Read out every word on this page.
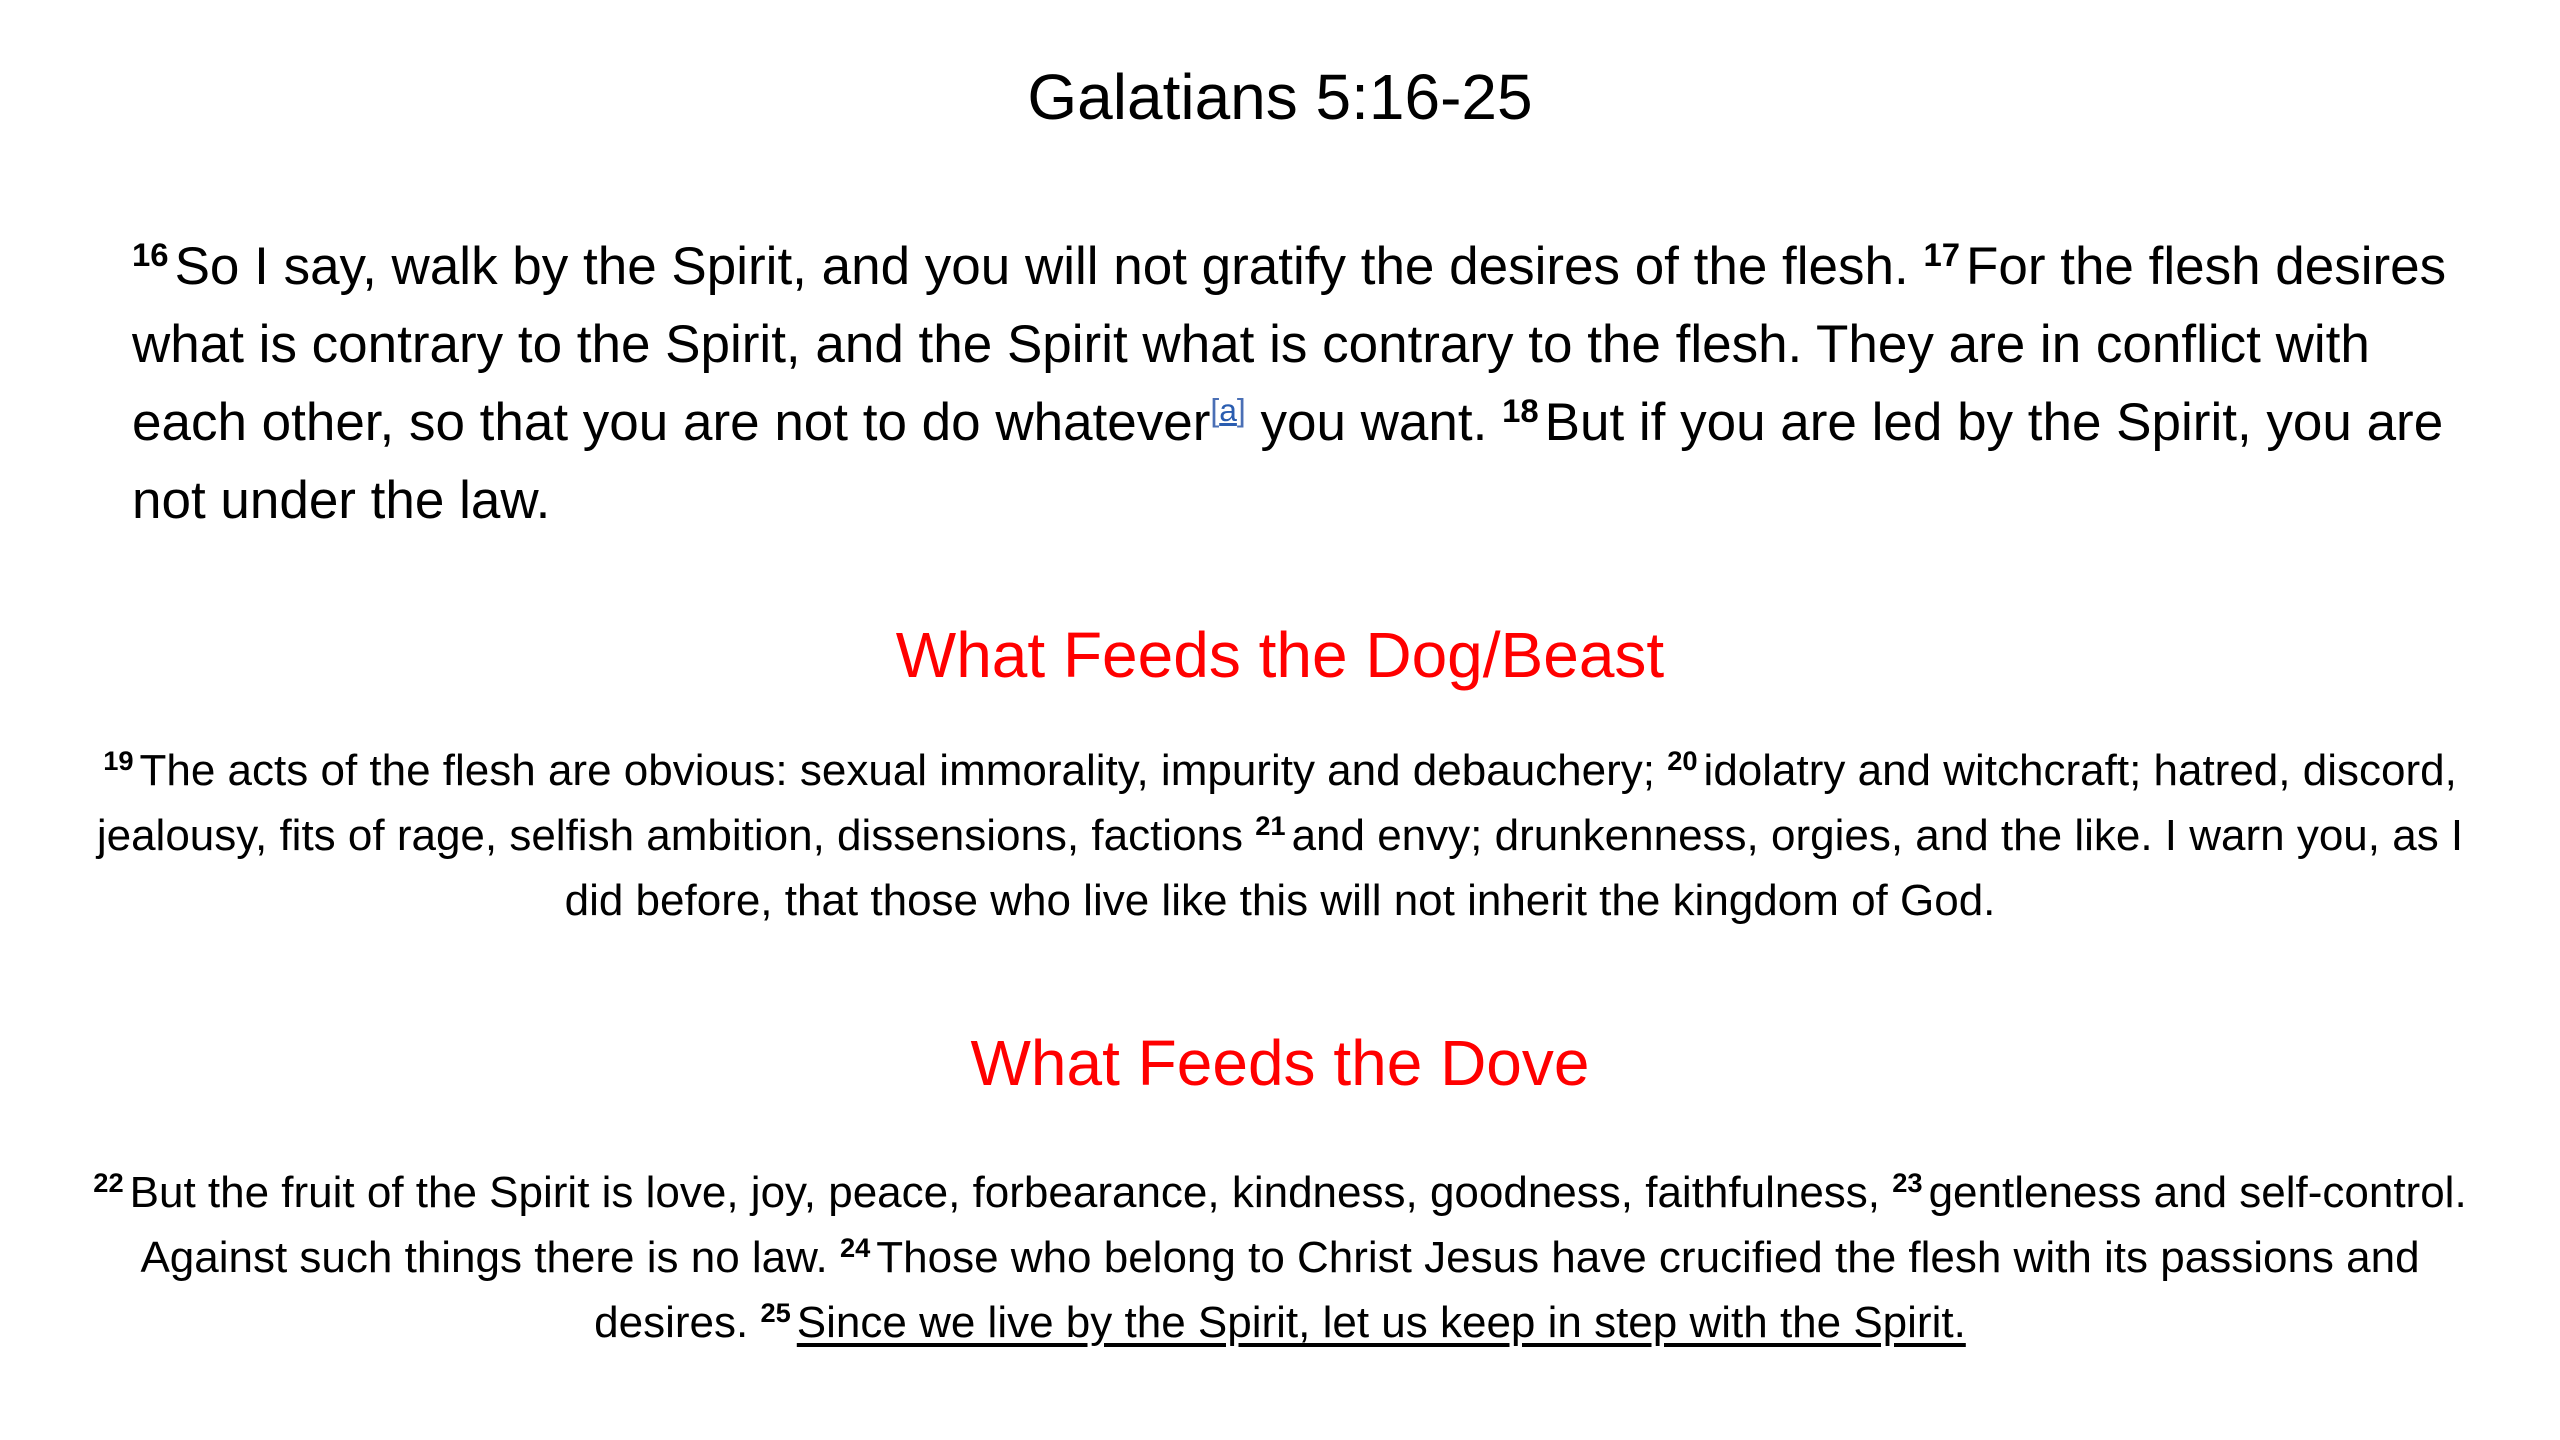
Galatians 5:16-25
$^{16}$ So I say, walk by the Spirit, and you will not gratify the desires of the flesh. $^{17}$ For the flesh desires what is contrary to the Spirit, and the Spirit what is contrary to the flesh. They are in conflict with each other, so that you are not to do whatever[a] you want. $^{18}$ But if you are led by the Spirit, you are not under the law.
What Feeds the Dog/Beast
$^{19}$ The acts of the flesh are obvious: sexual immorality, impurity and debauchery; $^{20}$ idolatry and witchcraft; hatred, discord, jealousy, fits of rage, selfish ambition, dissensions, factions $^{21}$ and envy; drunkenness, orgies, and the like. I warn you, as I did before, that those who live like this will not inherit the kingdom of God.
What Feeds the Dove
$^{22}$ But the fruit of the Spirit is love, joy, peace, forbearance, kindness, goodness, faithfulness, $^{23}$ gentleness and self-control. Against such things there is no law. $^{24}$ Those who belong to Christ Jesus have crucified the flesh with its passions and desires. $^{25}$ Since we live by the Spirit, let us keep in step with the Spirit.
